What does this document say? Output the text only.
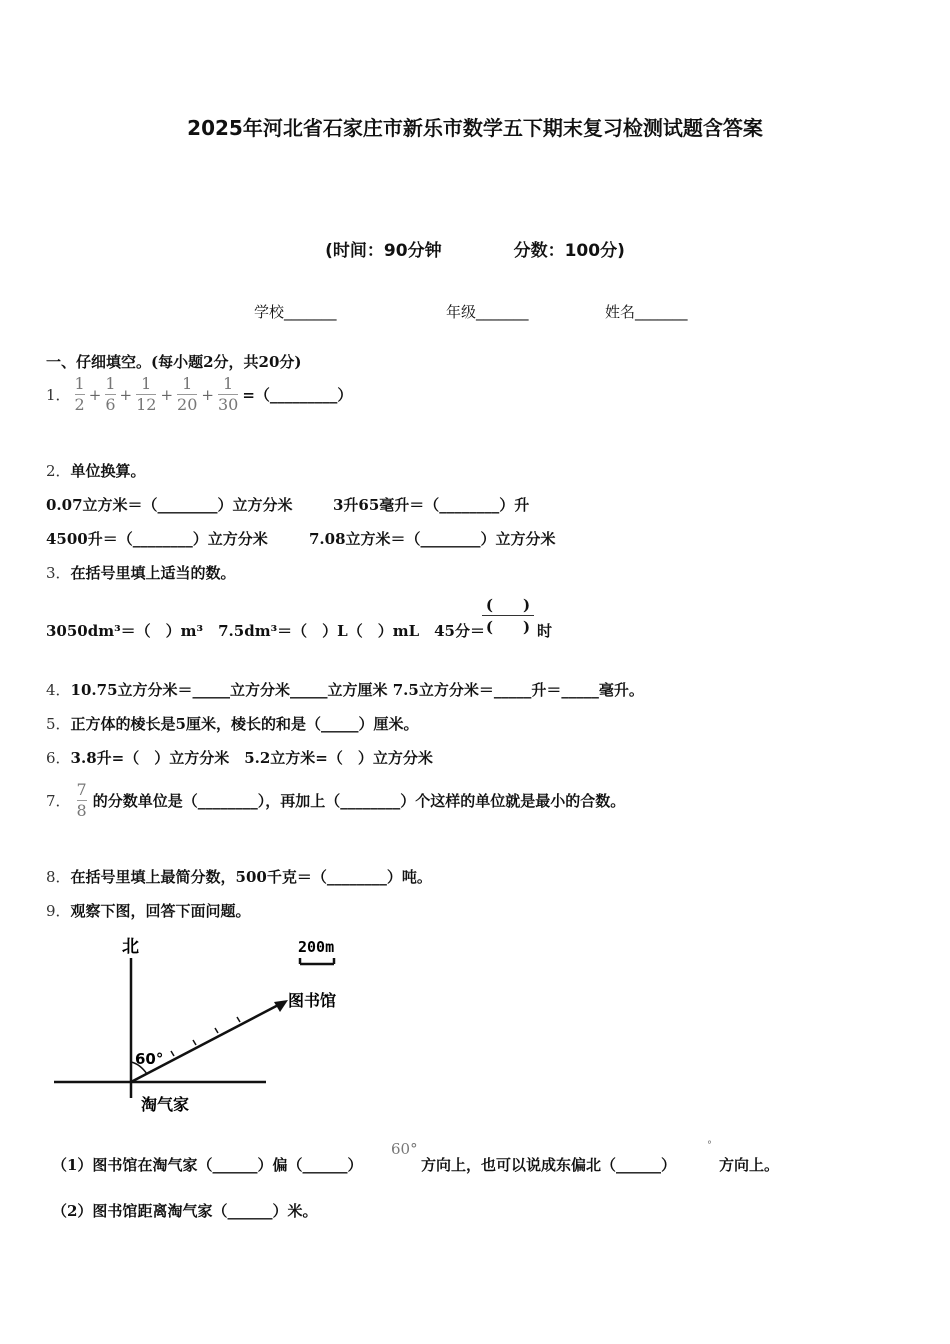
2025年河北省石家庄市新乐市数学五下期末复习检测试题含答案
(时间：90分钟	分数：100分)
学校_______	年级_______	姓名_______
一、仔细填空。(每小题2分，共20分)
1． $\frac{1}{2} + \frac{1}{6} + \frac{1}{12} + \frac{1}{20} + \frac{1}{30}$ =（_________）
2．单位换算。
0.07立方米＝（________）立方分米	3升65毫升＝（________）升
4500升＝（________）立方分米	7.08立方米＝（________）立方分米
3．在括号里填上适当的数。
3050dm³＝（　）m³　7.5dm³＝（　）L（　）mL　45分＝
(　　)
(　　) 时
4．10.75立方分米＝_____立方分米_____立方厘米 7.5立方分米＝_____升＝_____毫升。
5．正方体的棱长是5厘米，棱长的和是（_____）厘米。
6．3.8升=（　）立方分米　5.2立方米=（　）立方分米
7． $\frac{7}{8}$ 的分数单位是（________），再加上（________）个这样的单位就是最小的合数。
8．在括号里填上最简分数，500千克＝（________）吨。
9．观察下图，回答下面问题。
北	200m
图书馆
60°
淘气家
（1）图书馆在淘气家（______）偏（______）
60°
方向上，也可以说成东偏北（______）
°
方向上。
（2）图书馆距离淘气家（______）米。
